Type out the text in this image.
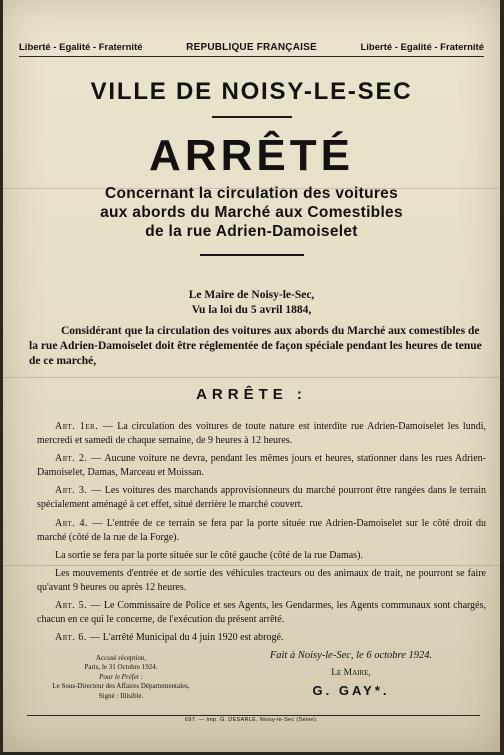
Liberté - Egalité - Fraternité	REPUBLIQUE FRANÇAISE	Liberté - Egalité - Fraternité
VILLE DE NOISY-LE-SEC
ARRÊTÉ
Concernant la circulation des voitures
aux abords du Marché aux Comestibles
de la rue Adrien-Damoiselet
Le Maire de Noisy-le-Sec,
Vu la loi du 5 avril 1884,
Considérant que la circulation des voitures aux abords du Marché aux comestibles de la rue Adrien-Damoiselet doit être réglementée de façon spéciale pendant les heures de tenue de ce marché,
ARRÊTE :

Art. 1er. — La circulation des voitures de toute nature est interdite rue Adrien-Damoiselet les lundi, mercredi et samedi de chaque semaine, de 9 heures à 12 heures.

Art. 2. — Aucune voiture ne devra, pendant les mêmes jours et heures, stationner dans les rues Adrien-Damoiselet, Damas, Marceau et Moissan.

Art. 3. — Les voitures des marchands approvisionneurs du marché pourront être rangées dans le terrain spécialement aménagé à cet effet, situé derrière le marché couvert.

Art. 4. — L'entrée de ce terrain se fera par la porte située rue Adrien-Damoiselet sur le côté droit du marché (côté de la rue de la Forge).

La sortie se fera par la porte située sur le côté gauche (côté de la rue Damas).

Les mouvements d'entrée et de sortie des véhicules tracteurs ou des animaux de trait, ne pourront se faire qu'avant 9 heures ou après 12 heures.

Art. 5. — Le Commissaire de Police et ses Agents, les Gendarmes, les Agents communaux sont chargés, chacun en ce qui le concerne, de l'exécution du présent arrêté.

Art. 6. — L'arrêté Municipal du 4 juin 1920 est abrogé.

Accusé réception,
Paris, le 31 Octobre 1924.
Pour le Préfet :
Le Sous-Directeur des Affaires Départementales,
Signé : Illisible.
Fait à Noisy-le-Sec, le 6 octobre 1924.
Le Maire,
G. GAY*.
697. — Imp. G. DESARLE, Noisy-le-Sec (Seine).
